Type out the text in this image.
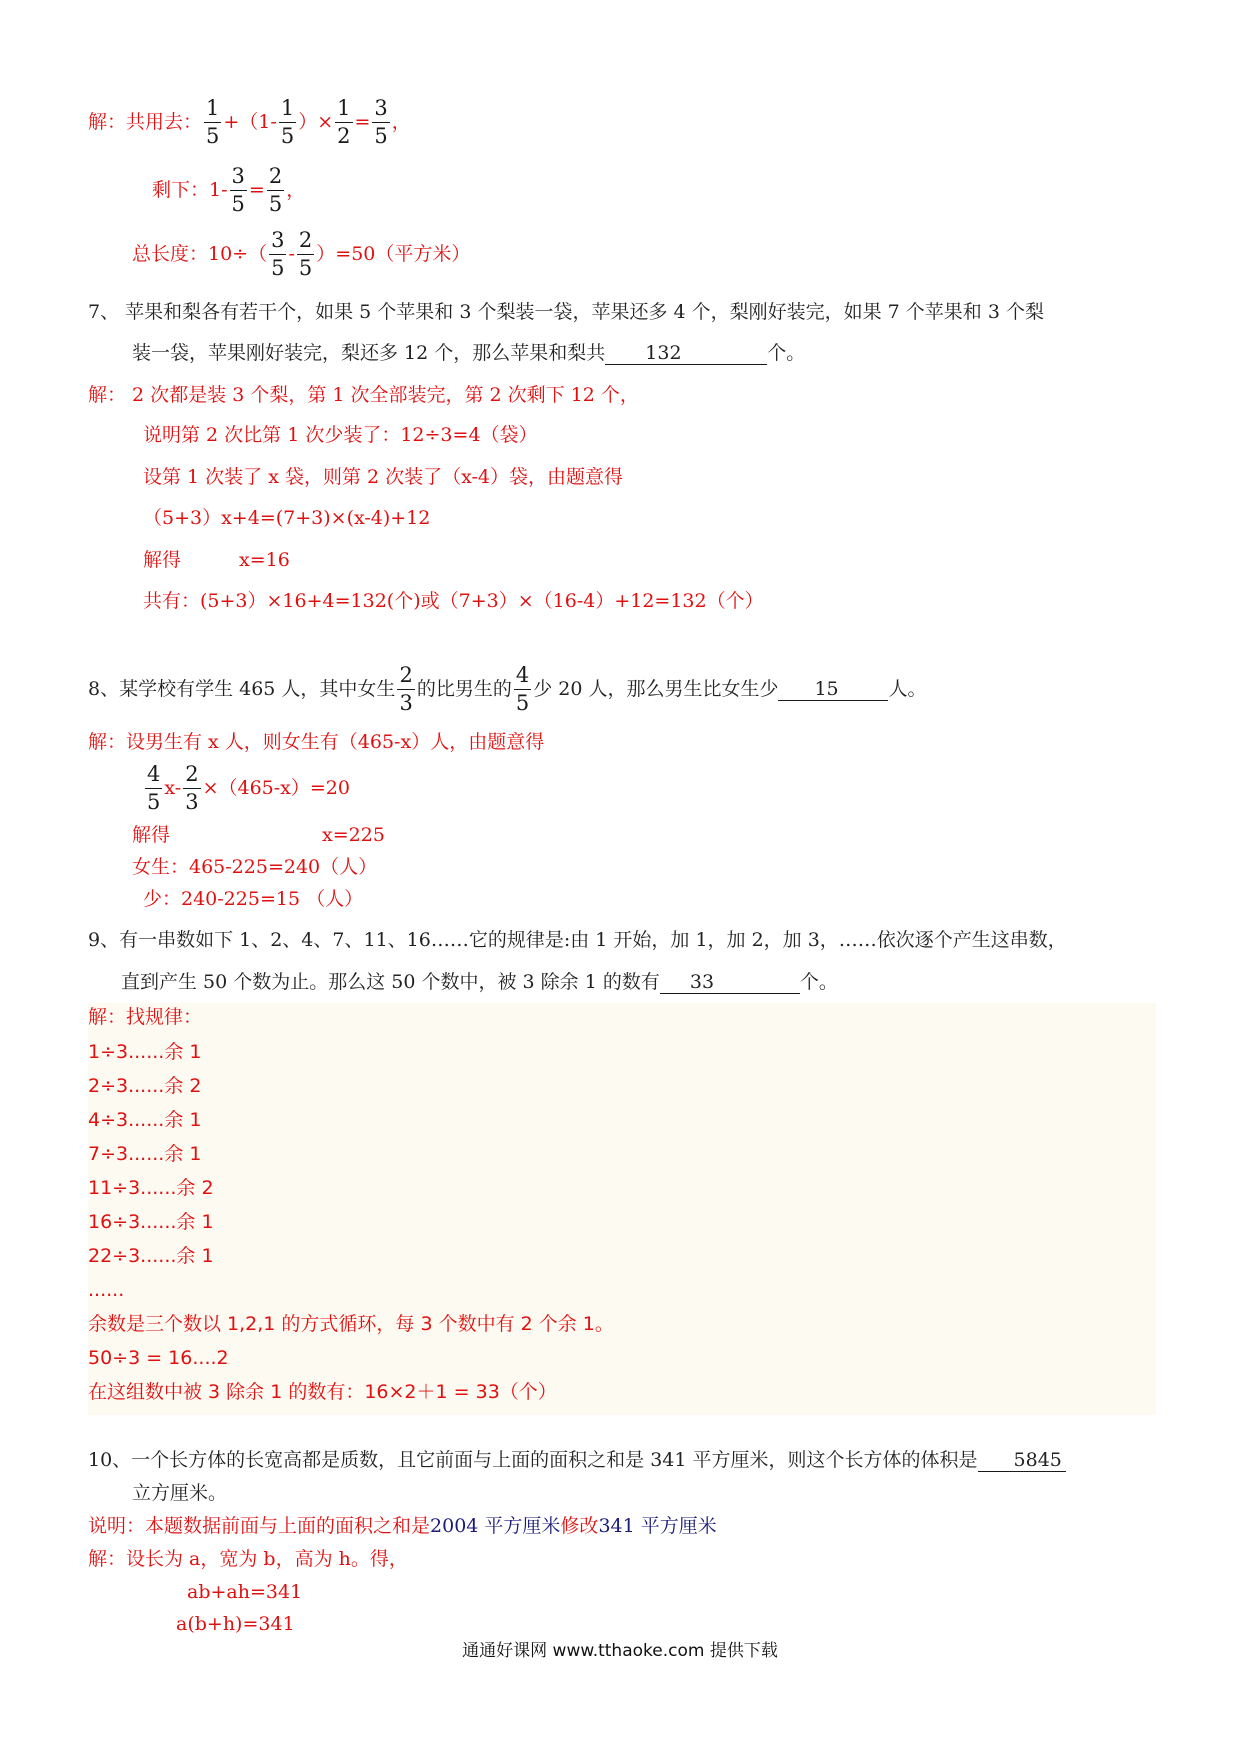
解：共用去： $\frac{1}{5} +(1- \frac{1}{5}$ ）× $\frac{1}{2} = \frac{3}{5}$ ，
剩下：$1- \frac{3}{5} = \frac{2}{5}$ ，
总长度：$10\div( \frac{3}{5} - \frac{2}{5} )=50$（平方米）
7、 苹果和梨各有若干个，如果 5 个苹果和 3 个梨装一袋，苹果还多 4 个，梨刚好装完，如果 7 个苹果和 3 个梨
装一袋，苹果刚好装完，梨还多 12 个，那么苹果和梨共	132	个。
解： 2 次都是装 3 个梨，第 1 次全部装完，第 2 次剩下 12 个，
说明第 2 次比第 1 次少装了：12÷3=4（袋）
设第 1 次装了 x 袋，则第 2 次装了（x-4）袋，由题意得
（5+3）x+4=(7+3)×(x-4)+12
解得	x=16
共有：(5+3）×16+4=132(个)或（7+3）×（16-4）+12=132（个）
8、某学校有学生 465 人，其中女生 $\frac{2}{3}$ 的比男生的 $\frac{4}{5}$ 少 20 人，那么男生比女生少	15	人。
解：设男生有 x 人，则女生有（465-x）人，由题意得
$\frac{4}{5} x- \frac{2}{3} \times(465-x)=20$
解得	x=225
女生：465-225=240（人）
少：240-225=15 （人）
9、有一串数如下 1、2、4、7、11、16……它的规律是:由 1 开始，加 1，加 2，加 3，……依次逐个产生这串数，
直到产生 50 个数为止。那么这 50 个数中，被 3 除余 1 的数有	33	个。
解：找规律：
1÷3......余 1
2÷3......余 2
4÷3......余 1
7÷3......余 1
11÷3......余 2
16÷3......余 1
22÷3......余 1
......
余数是三个数以 1,2,1 的方式循环，每 3 个数中有 2 个余 1。
50÷3 = 16....2
在这组数中被 3 除余 1 的数有：16×2＋1 = 33（个）
10、一个长方体的长宽高都是质数，且它前面与上面的面积之和是 341 平方厘米，则这个长方体的体积是	5845
立方厘米。
说明：本题数据前面与上面的面积之和是 2004 平方厘米 修改 341 平方厘米
解：设长为 a，宽为 b，高为 h。得，
ab+ah=341
a(b+h)=341
通通好课网 www.tthaoke.com 提供下载
